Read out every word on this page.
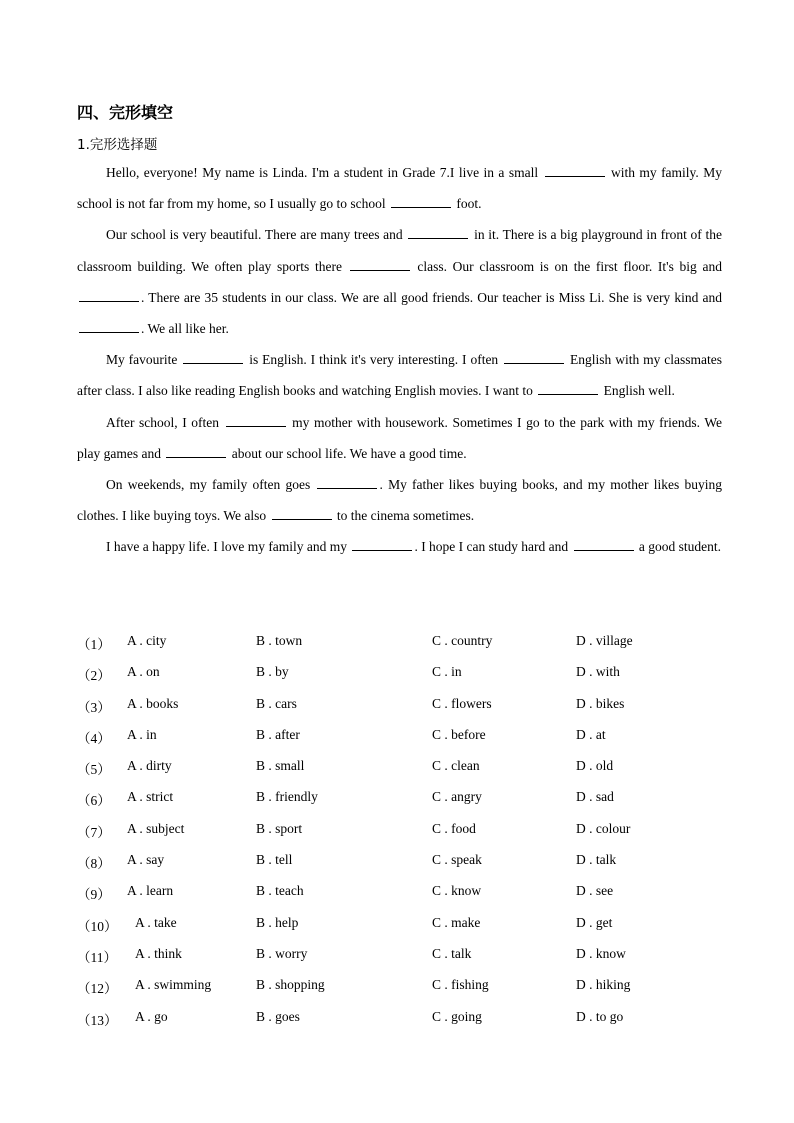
四、完形填空
1.完形选择题

Hello, everyone! My name is Linda. I'm a student in Grade 7.I live in a small	with my family. My school is not far from my home, so I usually go to school	foot.

Our school is very beautiful. There are many trees and	in it. There is a big playground in front of the classroom building. We often play sports there	class. Our classroom is on the first floor. It's big and . There are 35 students in our class. We are all good friends. Our teacher is Miss Li. She is very kind and . We all like her.

My favourite	is English. I think it's very interesting. I often	English with my classmates after class. I also like reading English books and watching English movies. I want to	English well.

After school, I often	my mother with housework. Sometimes I go to the park with my friends. We play games and	about our school life. We have a good time.

On weekends, my family often goes	. My father likes buying books, and my mother likes buying clothes. I like buying toys. We also	to the cinema sometimes.

I have a happy life. I love my family and my	. I hope I can study hard and	a good student.

（1） A . city	B . town	C . country	D . village
（2） A . on	B . by	C . in	D . with
（3） A . books	B . cars	C . flowers	D . bikes
（4） A . in	B . after	C . before	D . at
（5） A . dirty	B . small	C . clean	D . old
（6） A . strict	B . friendly	C . angry	D . sad
（7） A . subject	B . sport	C . food	D . colour
（8） A . say	B . tell	C . speak	D . talk
（9） A . learn	B . teach	C . know	D . see
（10） A . take	B . help	C . make	D . get
（11） A . think	B . worry	C . talk	D . know
（12） A . swimming	B . shopping	C . fishing	D . hiking
（13） A . go	B . goes	C . going	D . to go
